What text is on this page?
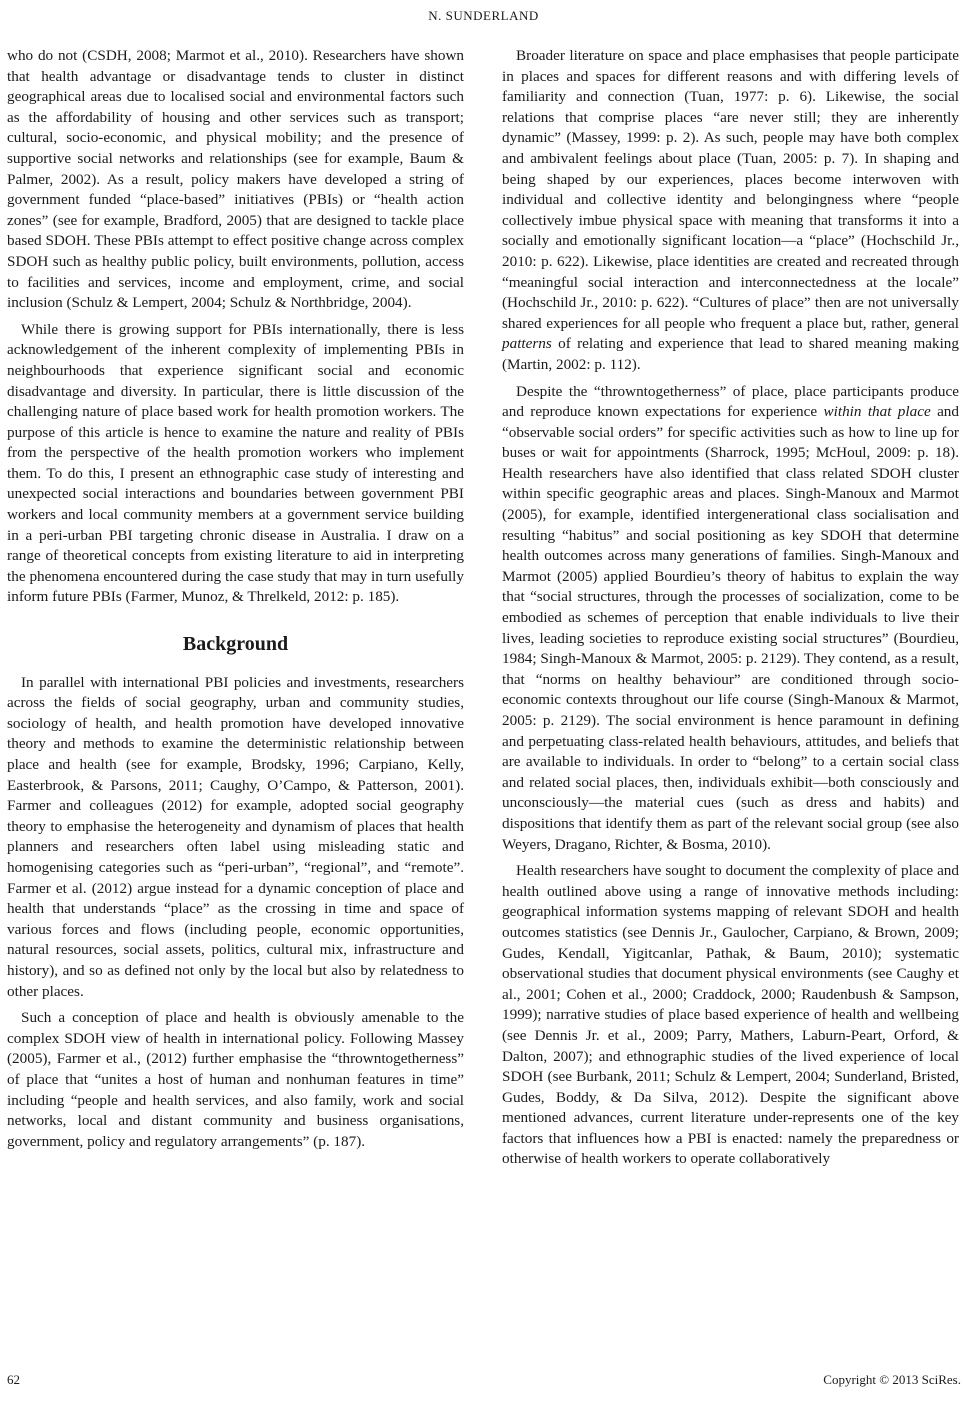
N. SUNDERLAND

who do not (CSDH, 2008; Marmot et al., 2010). Researchers have shown that health advantage or disadvantage tends to cluster in distinct geographical areas due to localised social and environmental factors such as the affordability of housing and other services such as transport; cultural, socio-economic, and physical mobility; and the presence of supportive social networks and relationships (see for example, Baum & Palmer, 2002). As a result, policy makers have developed a string of government funded “place-based” initiatives (PBIs) or “health action zones” (see for example, Bradford, 2005) that are designed to tackle place based SDOH. These PBIs attempt to effect positive change across complex SDOH such as healthy public policy, built environments, pollution, access to facilities and services, income and employment, crime, and social inclusion (Schulz & Lempert, 2004; Schulz & Northbridge, 2004).

While there is growing support for PBIs internationally, there is less acknowledgement of the inherent complexity of implementing PBIs in neighbourhoods that experience significant social and economic disadvantage and diversity. In particular, there is little discussion of the challenging nature of place based work for health promotion workers. The purpose of this article is hence to examine the nature and reality of PBIs from the perspective of the health promotion workers who implement them. To do this, I present an ethnographic case study of interesting and unexpected social interactions and boundaries between government PBI workers and local community members at a government service building in a peri-urban PBI targeting chronic disease in Australia. I draw on a range of theoretical concepts from existing literature to aid in interpreting the phenomena encountered during the case study that may in turn usefully inform future PBIs (Farmer, Munoz, & Threlkeld, 2012: p. 185).

Background

In parallel with international PBI policies and investments, researchers across the fields of social geography, urban and community studies, sociology of health, and health promotion have developed innovative theory and methods to examine the deterministic relationship between place and health (see for example, Brodsky, 1996; Carpiano, Kelly, Easterbrook, & Parsons, 2011; Caughy, O’Campo, & Patterson, 2001). Farmer and colleagues (2012) for example, adopted social geography theory to emphasise the heterogeneity and dynamism of places that health planners and researchers often label using misleading static and homogenising categories such as “peri-urban”, “regional”, and “remote”. Farmer et al. (2012) argue instead for a dynamic conception of place and health that understands “place” as the crossing in time and space of various forces and flows (including people, economic opportunities, natural resources, social assets, politics, cultural mix, infrastructure and history), and so as defined not only by the local but also by relatedness to other places.

Such a conception of place and health is obviously amenable to the complex SDOH view of health in international policy. Following Massey (2005), Farmer et al., (2012) further emphasise the “throwntogetherness” of place that “unites a host of human and nonhuman features in time” including “people and health services, and also family, work and social networks, local and distant community and business organisations, government, policy and regulatory arrangements” (p. 187).

Broader literature on space and place emphasises that people participate in places and spaces for different reasons and with differing levels of familiarity and connection (Tuan, 1977: p. 6). Likewise, the social relations that comprise places “are never still; they are inherently dynamic” (Massey, 1999: p. 2). As such, people may have both complex and ambivalent feelings about place (Tuan, 2005: p. 7). In shaping and being shaped by our experiences, places become interwoven with individual and collective identity and belongingness where “people collectively imbue physical space with meaning that transforms it into a socially and emotionally significant location—a “place” (Hochschild Jr., 2010: p. 622). Likewise, place identities are created and recreated through “meaningful social interaction and interconnectedness at the locale” (Hochschild Jr., 2010: p. 622). “Cultures of place” then are not universally shared experiences for all people who frequent a place but, rather, general patterns of relating and experience that lead to shared meaning making (Martin, 2002: p. 112).

Despite the “throwntogetherness” of place, place participants produce and reproduce known expectations for experience within that place and “observable social orders” for specific activities such as how to line up for buses or wait for appointments (Sharrock, 1995; McHoul, 2009: p. 18). Health researchers have also identified that class related SDOH cluster within specific geographic areas and places. Singh-Manoux and Marmot (2005), for example, identified intergenerational class socialisation and resulting “habitus” and social positioning as key SDOH that determine health outcomes across many generations of families. Singh-Manoux and Marmot (2005) applied Bourdieu’s theory of habitus to explain the way that “social structures, through the processes of socialization, come to be embodied as schemes of perception that enable individuals to live their lives, leading societies to reproduce existing social structures” (Bourdieu, 1984; Singh-Manoux & Marmot, 2005: p. 2129). They contend, as a result, that “norms on healthy behaviour” are conditioned through socio-economic contexts throughout our life course (Singh-Manoux & Marmot, 2005: p. 2129). The social environment is hence paramount in defining and perpetuating class-related health behaviours, attitudes, and beliefs that are available to individuals. In order to “belong” to a certain social class and related social places, then, individuals exhibit—both consciously and unconsciously—the material cues (such as dress and habits) and dispositions that identify them as part of the relevant social group (see also Weyers, Dragano, Richter, & Bosma, 2010).

Health researchers have sought to document the complexity of place and health outlined above using a range of innovative methods including: geographical information systems mapping of relevant SDOH and health outcomes statistics (see Dennis Jr., Gaulocher, Carpiano, & Brown, 2009; Gudes, Kendall, Yigitcanlar, Pathak, & Baum, 2010); systematic observational studies that document physical environments (see Caughy et al., 2001; Cohen et al., 2000; Craddock, 2000; Raudenbush & Sampson, 1999); narrative studies of place based experience of health and wellbeing (see Dennis Jr. et al., 2009; Parry, Mathers, Laburn-Peart, Orford, & Dalton, 2007); and ethnographic studies of the lived experience of local SDOH (see Burbank, 2011; Schulz & Lempert, 2004; Sunderland, Bristed, Gudes, Boddy, & Da Silva, 2012). Despite the significant above mentioned advances, current literature under-represents one of the key factors that influences how a PBI is enacted: namely the preparedness or otherwise of health workers to operate collaboratively

62	Copyright © 2013 SciRes.
